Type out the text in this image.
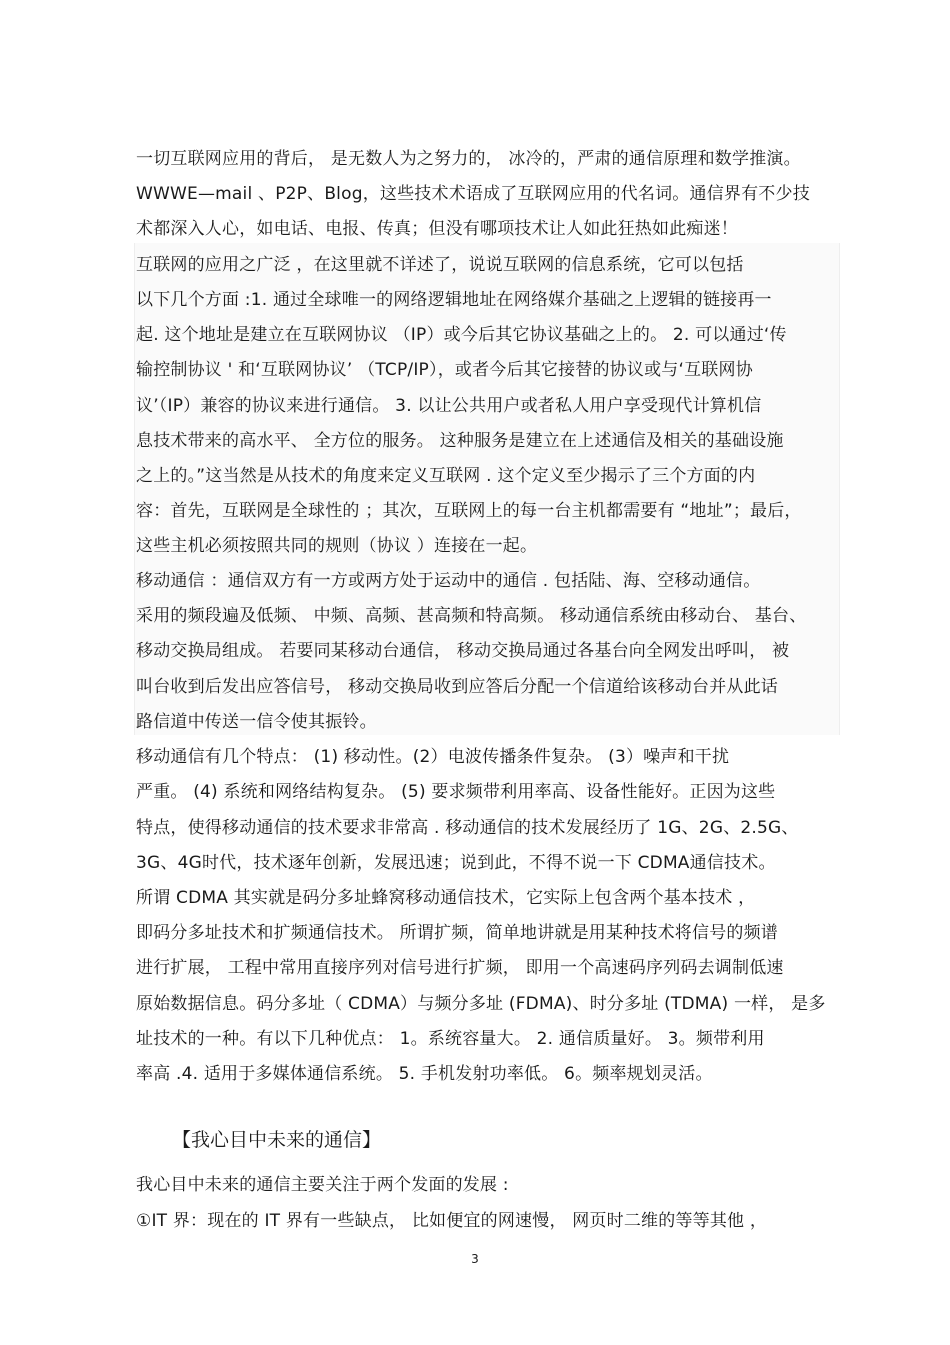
一切互联网应用的背后， 是无数人为之努力的， 冰冷的，严肃的通信原理和数学推演。
WWWE—mail 、P2P、Blog，这些技术术语成了互联网应用的代名词。通信界有不少技
术都深入人心，如电话、电报、传真；但没有哪项技术让人如此狂热如此痴迷！
互联网的应用之广泛 ，在这里就不详述了，说说互联网的信息系统，它可以包括
以下几个方面 :1. 通过全球唯一的网络逻辑地址在网络媒介基础之上逻辑的链接再一
起. 这个地址是建立在互联网协议 （IP）或今后其它协议基础之上的。 2. 可以通过‘传
输控制协议 ' 和‘互联网协议’ （TCP/IP），或者今后其它接替的协议或与‘互联网协
议’（IP）兼容的协议来进行通信。 3. 以让公共用户或者私人用户享受现代计算机信
息技术带来的高水平、 全方位的服务。 这种服务是建立在上述通信及相关的基础设施
之上的。”这当然是从技术的角度来定义互联网 . 这个定义至少揭示了三个方面的内
容：首先，互联网是全球性的 ；其次，互联网上的每一台主机都需要有 “地址”；最后，
这些主机必须按照共同的规则（协议 ）连接在一起。
移动通信 ：通信双方有一方或两方处于运动中的通信 . 包括陆、海、空移动通信。
采用的频段遍及低频、 中频、高频、甚高频和特高频。 移动通信系统由移动台、 基台、
移动交换局组成。 若要同某移动台通信， 移动交换局通过各基台向全网发出呼叫， 被
叫台收到后发出应答信号， 移动交换局收到应答后分配一个信道给该移动台并从此话
路信道中传送一信令使其振铃。
移动通信有几个特点： (1) 移动性。(2）电波传播条件复杂。 (3）噪声和干扰
严重。 (4) 系统和网络结构复杂。 (5) 要求频带利用率高、设备性能好。正因为这些
特点，使得移动通信的技术要求非常高 . 移动通信的技术发展经历了 1G、2G、2.5G、
3G、4G时代，技术逐年创新，发展迅速；说到此，不得不说一下 CDMA通信技术。
所谓 CDMA 其实就是码分多址蜂窝移动通信技术，它实际上包含两个基本技术 ，
即码分多址技术和扩频通信技术。 所谓扩频，简单地讲就是用某种技术将信号的频谱
进行扩展， 工程中常用直接序列对信号进行扩频， 即用一个高速码序列码去调制低速
原始数据信息。码分多址（ CDMA）与频分多址 (FDMA)、时分多址 (TDMA) 一样， 是多
址技术的一种。有以下几种优点： 1。系统容量大。 2. 通信质量好。 3。频带利用
率高 .4. 适用于多媒体通信系统。 5. 手机发射功率低。 6。频率规划灵活。
【我心目中未来的通信】
我心目中未来的通信主要关注于两个发面的发展 :
①IT 界：现在的 IT 界有一些缺点， 比如便宜的网速慢， 网页时二维的等等其他 ，
3
